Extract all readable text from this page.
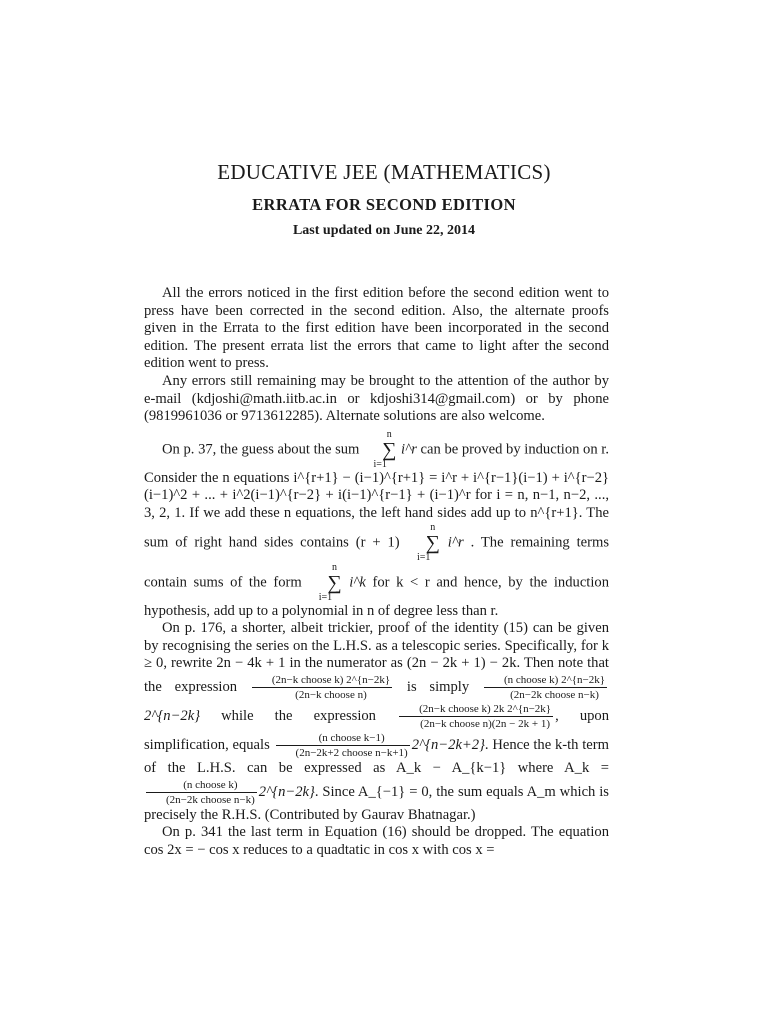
EDUCATIVE JEE (MATHEMATICS)
ERRATA FOR SECOND EDITION
Last updated on June 22, 2014

All the errors noticed in the first edition before the second edition went to press have been corrected in the second edition. Also, the alternate proofs given in the Errata to the first edition have been incorporated in the second edition. The present errata list the errors that came to light after the second edition went to press.

Any errors still remaining may be brought to the attention of the author by e-mail (kdjoshi@math.iitb.ac.in or kdjoshi314@gmail.com) or by phone (9819961036 or 9713612285). Alternate solutions are also welcome.

On p. 37, the guess about the sum n
∑
i=1 i^r can be proved by induction on r. Consider the n equations i^{r+1} − (i−1)^{r+1} = i^r + i^{r−1}(i−1) + i^{r−2}(i−1)^2 + ... + i^2(i−1)^{r−2} + i(i−1)^{r−1} + (i−1)^r for i = n, n−1, n−2, ..., 3, 2, 1. If we add these n equations, the left hand sides add up to n^{r+1}. The sum of right hand sides contains (r + 1) n
∑
i=1 i^r . The remaining terms contain sums of the form n
∑
i=1 i^k for k < r and hence, by the induction hypothesis, add up to a polynomial in n of degree less than r.

On p. 176, a shorter, albeit trickier, proof of the identity (15) can be given by recognising the series on the L.H.S. as a telescopic series. Specifically, for k ≥ 0, rewrite 2n − 4k + 1 in the numerator as (2n − 2k + 1) − 2k. Then note that the expression $\frac{\text{(2n−k choose k) 2\textasciicircum{}\{n−2k\}}}{\text{(2n−k choose n)}}$ is simply $\frac{\text{(n choose k) 2\textasciicircum{}\{n−2k\}}}{\text{(2n−2k choose n−k)}}$
2^{n−2k} while the expression $\frac{\text{(2n−k choose k) 2k 2\textasciicircum{}\{n−2k\}}}{\text{(2n−k choose n)(2n − 2k + 1)}}$ , upon simplification, equals $\frac{\text{(n choose k−1)}}{\text{(2n−2k+2 choose n−k+1)}}$ 2^{n−2k+2}. Hence the k-th term of the L.H.S. can be expressed as A_k − A_{k−1} where A_k =
$\frac{\text{(n choose k)}}{\text{(2n−2k choose n−k)}}$ 2^{n−2k}. Since A_{−1} = 0, the sum equals A_m which is precisely the R.H.S. (Contributed by Gaurav Bhatnagar.)

On p. 341 the last term in Equation (16) should be dropped. The equation cos 2x = − cos x reduces to a quadtatic in cos x with cos x =
